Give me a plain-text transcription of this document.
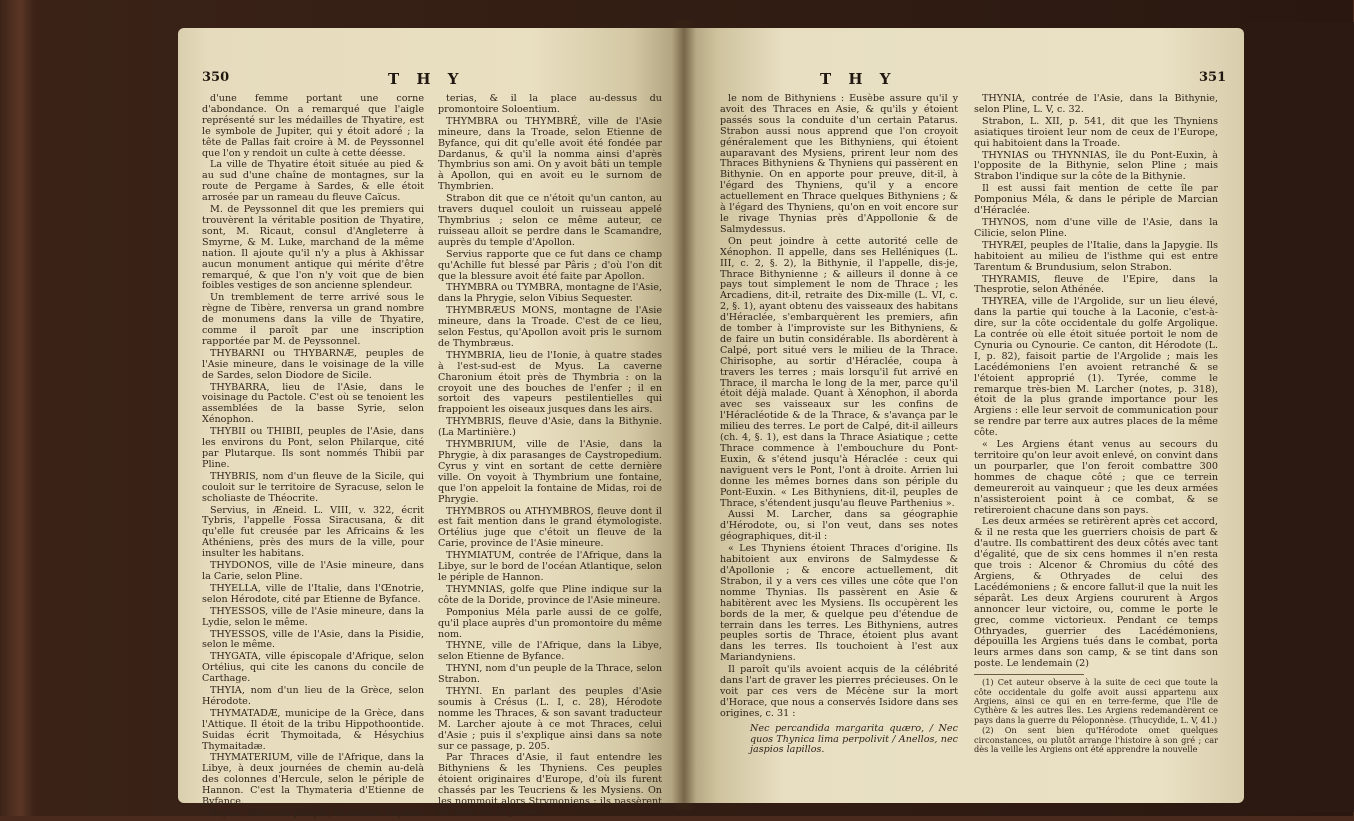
350	T H Y

d'une femme portant une corne d'abondance. On a remarqué que l'aigle représenté sur les médailles de Thyatire, est le symbole de Jupiter, qui y étoit adoré ; la tête de Pallas fait croire à M. de Peyssonnel que l'on y rendoit un culte à cette déesse.

La ville de Thyatire étoit située au pied & au sud d'une chaîne de montagnes, sur la route de Pergame à Sardes, & elle étoit arrosée par un rameau du fleuve Caïcus.

M. de Peyssonnel dit que les premiers qui trouvèrent la véritable position de Thyatire, sont, M. Ricaut, consul d'Angleterre à Smyrne, & M. Luke, marchand de la même nation. Il ajoute qu'il n'y a plus à Akhissar aucun monument antique qui mérite d'être remarqué, & que l'on n'y voit que de bien foibles vestiges de son ancienne splendeur.

Un tremblement de terre arrivé sous le règne de Tibère, renversa un grand nombre de monumens dans la ville de Thyatire, comme il paroît par une inscription rapportée par M. de Peyssonnel.

THYBARNI ou THYBARNÆ, peuples de l'Asie mineure, dans le voisinage de la ville de Sardes, selon Diodore de Sicile.

THYBARRA, lieu de l'Asie, dans le voisinage du Pactole. C'est où se tenoient les assemblées de la basse Syrie, selon Xénophon.

THYBII ou THIBII, peuples de l'Asie, dans les environs du Pont, selon Philarque, cité par Plutarque. Ils sont nommés Thibii par Pline.

THYBRIS, nom d'un fleuve de la Sicile, qui couloit sur le territoire de Syracuse, selon le scholiaste de Théocrite.

Servius, in Æneid. L. VIII, v. 322, écrit Tybris, l'appelle Fossa Siracusana, & dit qu'elle fut creusée par les Africains & les Athéniens, près des murs de la ville, pour insulter les habitans.

THYDONOS, ville de l'Asie mineure, dans la Carie, selon Pline.

THYELLA, ville de l'Italie, dans l'Œnotrie, selon Hérodote, cité par Etienne de Byfance.

THYESSOS, ville de l'Asie mineure, dans la Lydie, selon le même.

THYESSOS, ville de l'Asie, dans la Pisidie, selon le même.

THYGATA, ville épiscopale d'Afrique, selon Ortélius, qui cite les canons du concile de Carthage.

THYIA, nom d'un lieu de la Grèce, selon Hérodote.

THYMATADÆ, municipe de la Grèce, dans l'Attique. Il étoit de la tribu Hippothoontide. Suidas écrit Thymoitada, & Hésychius Thymaitadæ.

THYMATERIUM, ville de l'Afrique, dans la Libye, à deux journées de chemin au-delà des colonnes d'Hercule, selon le périple de Hannon. C'est la Thymateria d'Etienne de Byfance.

Scylax, dans son périple, la nomme Thymia-

terias, & il la place au-dessus du promontoire Soloentium.

THYMBRA ou THYMBRÉ, ville de l'Asie mineure, dans la Troade, selon Etienne de Byfance, qui dit qu'elle avoit été fondée par Dardanus, & qu'il la nomma ainsi d'après Thymbrius son ami. On y avoit bâti un temple à Apollon, qui en avoit eu le surnom de Thymbrien.

Strabon dit que ce n'étoit qu'un canton, au travers duquel couloit un ruisseau appelé Thymbrius ; selon ce même auteur, ce ruisseau alloit se perdre dans le Scamandre, auprès du temple d'Apollon.

Servius rapporte que ce fut dans ce champ qu'Achille fut blessé par Pâris ; d'où l'on dit que la blessure avoit été faite par Apollon.

THYMBRA ou TYMBRA, montagne de l'Asie, dans la Phrygie, selon Vibius Sequester.

THYMBRÆUS MONS, montagne de l'Asie mineure, dans la Troade. C'est de ce lieu, selon Festus, qu'Apollon avoit pris le surnom de Thymbræus.

THYMBRIA, lieu de l'Ionie, à quatre stades à l'est-sud-est de Myus. La caverne Charonium étoit près de Thymbria : on la croyoit une des bouches de l'enfer ; il en sortoit des vapeurs pestilentielles qui frappoient les oiseaux jusques dans les airs.

THYMBRIS, fleuve d'Asie, dans la Bithynie. (La Martinière.)

THYMBRIUM, ville de l'Asie, dans la Phrygie, à dix parasanges de Caystropedium. Cyrus y vint en sortant de cette dernière ville. On voyoit à Thymbrium une fontaine, que l'on appeloit la fontaine de Midas, roi de Phrygie.

THYMBROS ou ATHYMBROS, fleuve dont il est fait mention dans le grand étymologiste. Ortélius juge que c'étoit un fleuve de la Carie, province de l'Asie mineure.

THYMIATUM, contrée de l'Afrique, dans la Libye, sur le bord de l'océan Atlantique, selon le périple de Hannon.

THYMNIAS, golfe que Pline indique sur la côte de la Doride, province de l'Asie mineure.

Pomponius Méla parle aussi de ce golfe, qu'il place auprès d'un promontoire du même nom.

THYNE, ville de l'Afrique, dans la Libye, selon Etienne de Byfance.

THYNI, nom d'un peuple de la Thrace, selon Strabon.

THYNI. En parlant des peuples d'Asie soumis à Crésus (L. I, c. 28), Hérodote nomme les Thraces, & son savant traducteur M. Larcher ajoute à ce mot Thraces, celui d'Asie ; puis il s'explique ainsi dans sa note sur ce passage, p. 205.

Par Thraces d'Asie, il faut entendre les Bithyniens & les Thyniens. Ces peuples étoient originaires d'Europe, d'où ils furent chassés par les Teucriens & les Mysiens. On les nommoit alors Strymoniens ; ils passèrent en Asie, où ils prirent

T H Y	351

le nom de Bithyniens : Eusèbe assure qu'il y avoit des Thraces en Asie, & qu'ils y étoient passés sous la conduite d'un certain Patarus. Strabon aussi nous apprend que l'on croyoit généralement que les Bithyniens, qui étoient auparavant des Mysiens, prirent leur nom des Thraces Bithyniens & Thyniens qui passèrent en Bithynie. On en apporte pour preuve, dit-il, à l'égard des Thyniens, qu'il y a encore actuellement en Thrace quelques Bithyniens ; & à l'égard des Thyniens, qu'on en voit encore sur le rivage Thynias près d'Appollonie & de Salmydessus.

On peut joindre à cette autorité celle de Xénophon. Il appelle, dans ses Helléniques (L. III, c. 2, §. 2), la Bithynie, il l'appelle, dis-je, Thrace Bithynienne ; & ailleurs il donne à ce pays tout simplement le nom de Thrace ; les Arcadiens, dit-il, retraite des Dix-mille (L. VI, c. 2, §. 1), ayant obtenu des vaisseaux des habitans d'Héraclée, s'embarquèrent les premiers, afin de tomber à l'improviste sur les Bithyniens, & de faire un butin considérable. Ils abordèrent à Calpé, port situé vers le milieu de la Thrace. Chirisophe, au sortir d'Héraclée, coupa à travers les terres ; mais lorsqu'il fut arrivé en Thrace, il marcha le long de la mer, parce qu'il étoit déjà malade. Quant à Xénophon, il aborda avec ses vaisseaux sur les confins de l'Héracléotide & de la Thrace, & s'avança par le milieu des terres. Le port de Calpé, dit-il ailleurs (ch. 4, §. 1), est dans la Thrace Asiatique ; cette Thrace commence à l'embouchure du Pont-Euxin, & s'étend jusqu'à Héraclée : ceux qui naviguent vers le Pont, l'ont à droite. Arrien lui donne les mêmes bornes dans son périple du Pont-Euxin. « Les Bithyniens, dit-il, peuples de Thrace, s'étendent jusqu'au fleuve Parthenius ».

Aussi M. Larcher, dans sa géographie d'Hérodote, ou, si l'on veut, dans ses notes géographiques, dit-il :

« Les Thyniens étoient Thraces d'origine. Ils habitoient aux environs de Salmydesse & d'Apollonie ; & encore actuellement, dit Strabon, il y a vers ces villes une côte que l'on nomme Thynias. Ils passèrent en Asie & habitèrent avec les Mysiens. Ils occupèrent les bords de la mer, & quelque peu d'étendue de terrain dans les terres. Les Bithyniens, autres peuples sortis de Thrace, étoient plus avant dans les terres. Ils touchoient à l'est aux Mariandyniens.

Il paroît qu'ils avoient acquis de la célébrité dans l'art de graver les pierres précieuses. On le voit par ces vers de Mécène sur la mort d'Horace, que nous a conservés Isidore dans ses origines, c. 31 :

Nec percandida margarita quæro, / Nec quos Thynica lima perpolivit / Anellos, nec jaspios lapillos.

THYNIA, contrée de l'Asie, dans la Bithynie, selon Pline, L. V, c. 32.

Strabon, L. XII, p. 541, dit que les Thyniens asiatiques tiroient leur nom de ceux de l'Europe, qui habitoient dans la Troade.

THYNIAS ou THYNNIAS, île du Pont-Euxin, à l'opposite de la Bithynie, selon Pline ; mais Strabon l'indique sur la côte de la Bithynie.

Il est aussi fait mention de cette île par Pomponius Méla, & dans le périple de Marcian d'Héraclée.

THYNOS, nom d'une ville de l'Asie, dans la Cilicie, selon Pline.

THYRÆI, peuples de l'Italie, dans la Japygie. Ils habitoient au milieu de l'isthme qui est entre Tarentum & Brundusium, selon Strabon.

THYRAMIS, fleuve de l'Epire, dans la Thesprotie, selon Athénée.

THYREA, ville de l'Argolide, sur un lieu élevé, dans la partie qui touche à la Laconie, c'est-à-dire, sur la côte occidentale du golfe Argolique. La contrée où elle étoit située portoit le nom de Cynuria ou Cynourie. Ce canton, dit Hérodote (L. I, p. 82), faisoit partie de l'Argolide ; mais les Lacédémoniens l'en avoient retranché & se l'étoient approprié (1). Tyrée, comme le remarque très-bien M. Larcher (notes, p. 318), étoit de la plus grande importance pour les Argiens : elle leur servoit de communication pour se rendre par terre aux autres places de la même côte.

« Les Argiens étant venus au secours du territoire qu'on leur avoit enlevé, on convint dans un pourparler, que l'on feroit combattre 300 hommes de chaque côté ; que ce terrein demeureroit au vainqueur ; que les deux armées n'assisteroient point à ce combat, & se retireroient chacune dans son pays.

Les deux armées se retirèrent après cet accord, & il ne resta que les guerriers choisis de part & d'autre. Ils combattirent des deux côtés avec tant d'égalité, que de six cens hommes il n'en resta que trois : Alcenor & Chromius du côté des Argiens, & Othryades de celui des Lacédémoniens ; & encore fallut-il que la nuit les séparât. Les deux Argiens coururent à Argos annoncer leur victoire, ou, comme le porte le grec, comme victorieux. Pendant ce temps Othryades, guerrier des Lacédémoniens, dépouilla les Argiens tués dans le combat, porta leurs armes dans son camp, & se tint dans son poste. Le lendemain (2)

(1) Cet auteur observe à la suite de ceci que toute la côte occidentale du golfe avoit aussi appartenu aux Argiens, ainsi ce qui en en terre-ferme, que l'île de Cythère & les autres îles. Les Argiens redemandèrent ce pays dans la guerre du Péloponnèse. (Thucydide, L. V, 41.)

(2) On sent bien qu'Hérodote omet quelques circonstances, ou plutôt arrange l'histoire à son gré ; car dès la veille les Argiens ont été apprendre la nouvelle
